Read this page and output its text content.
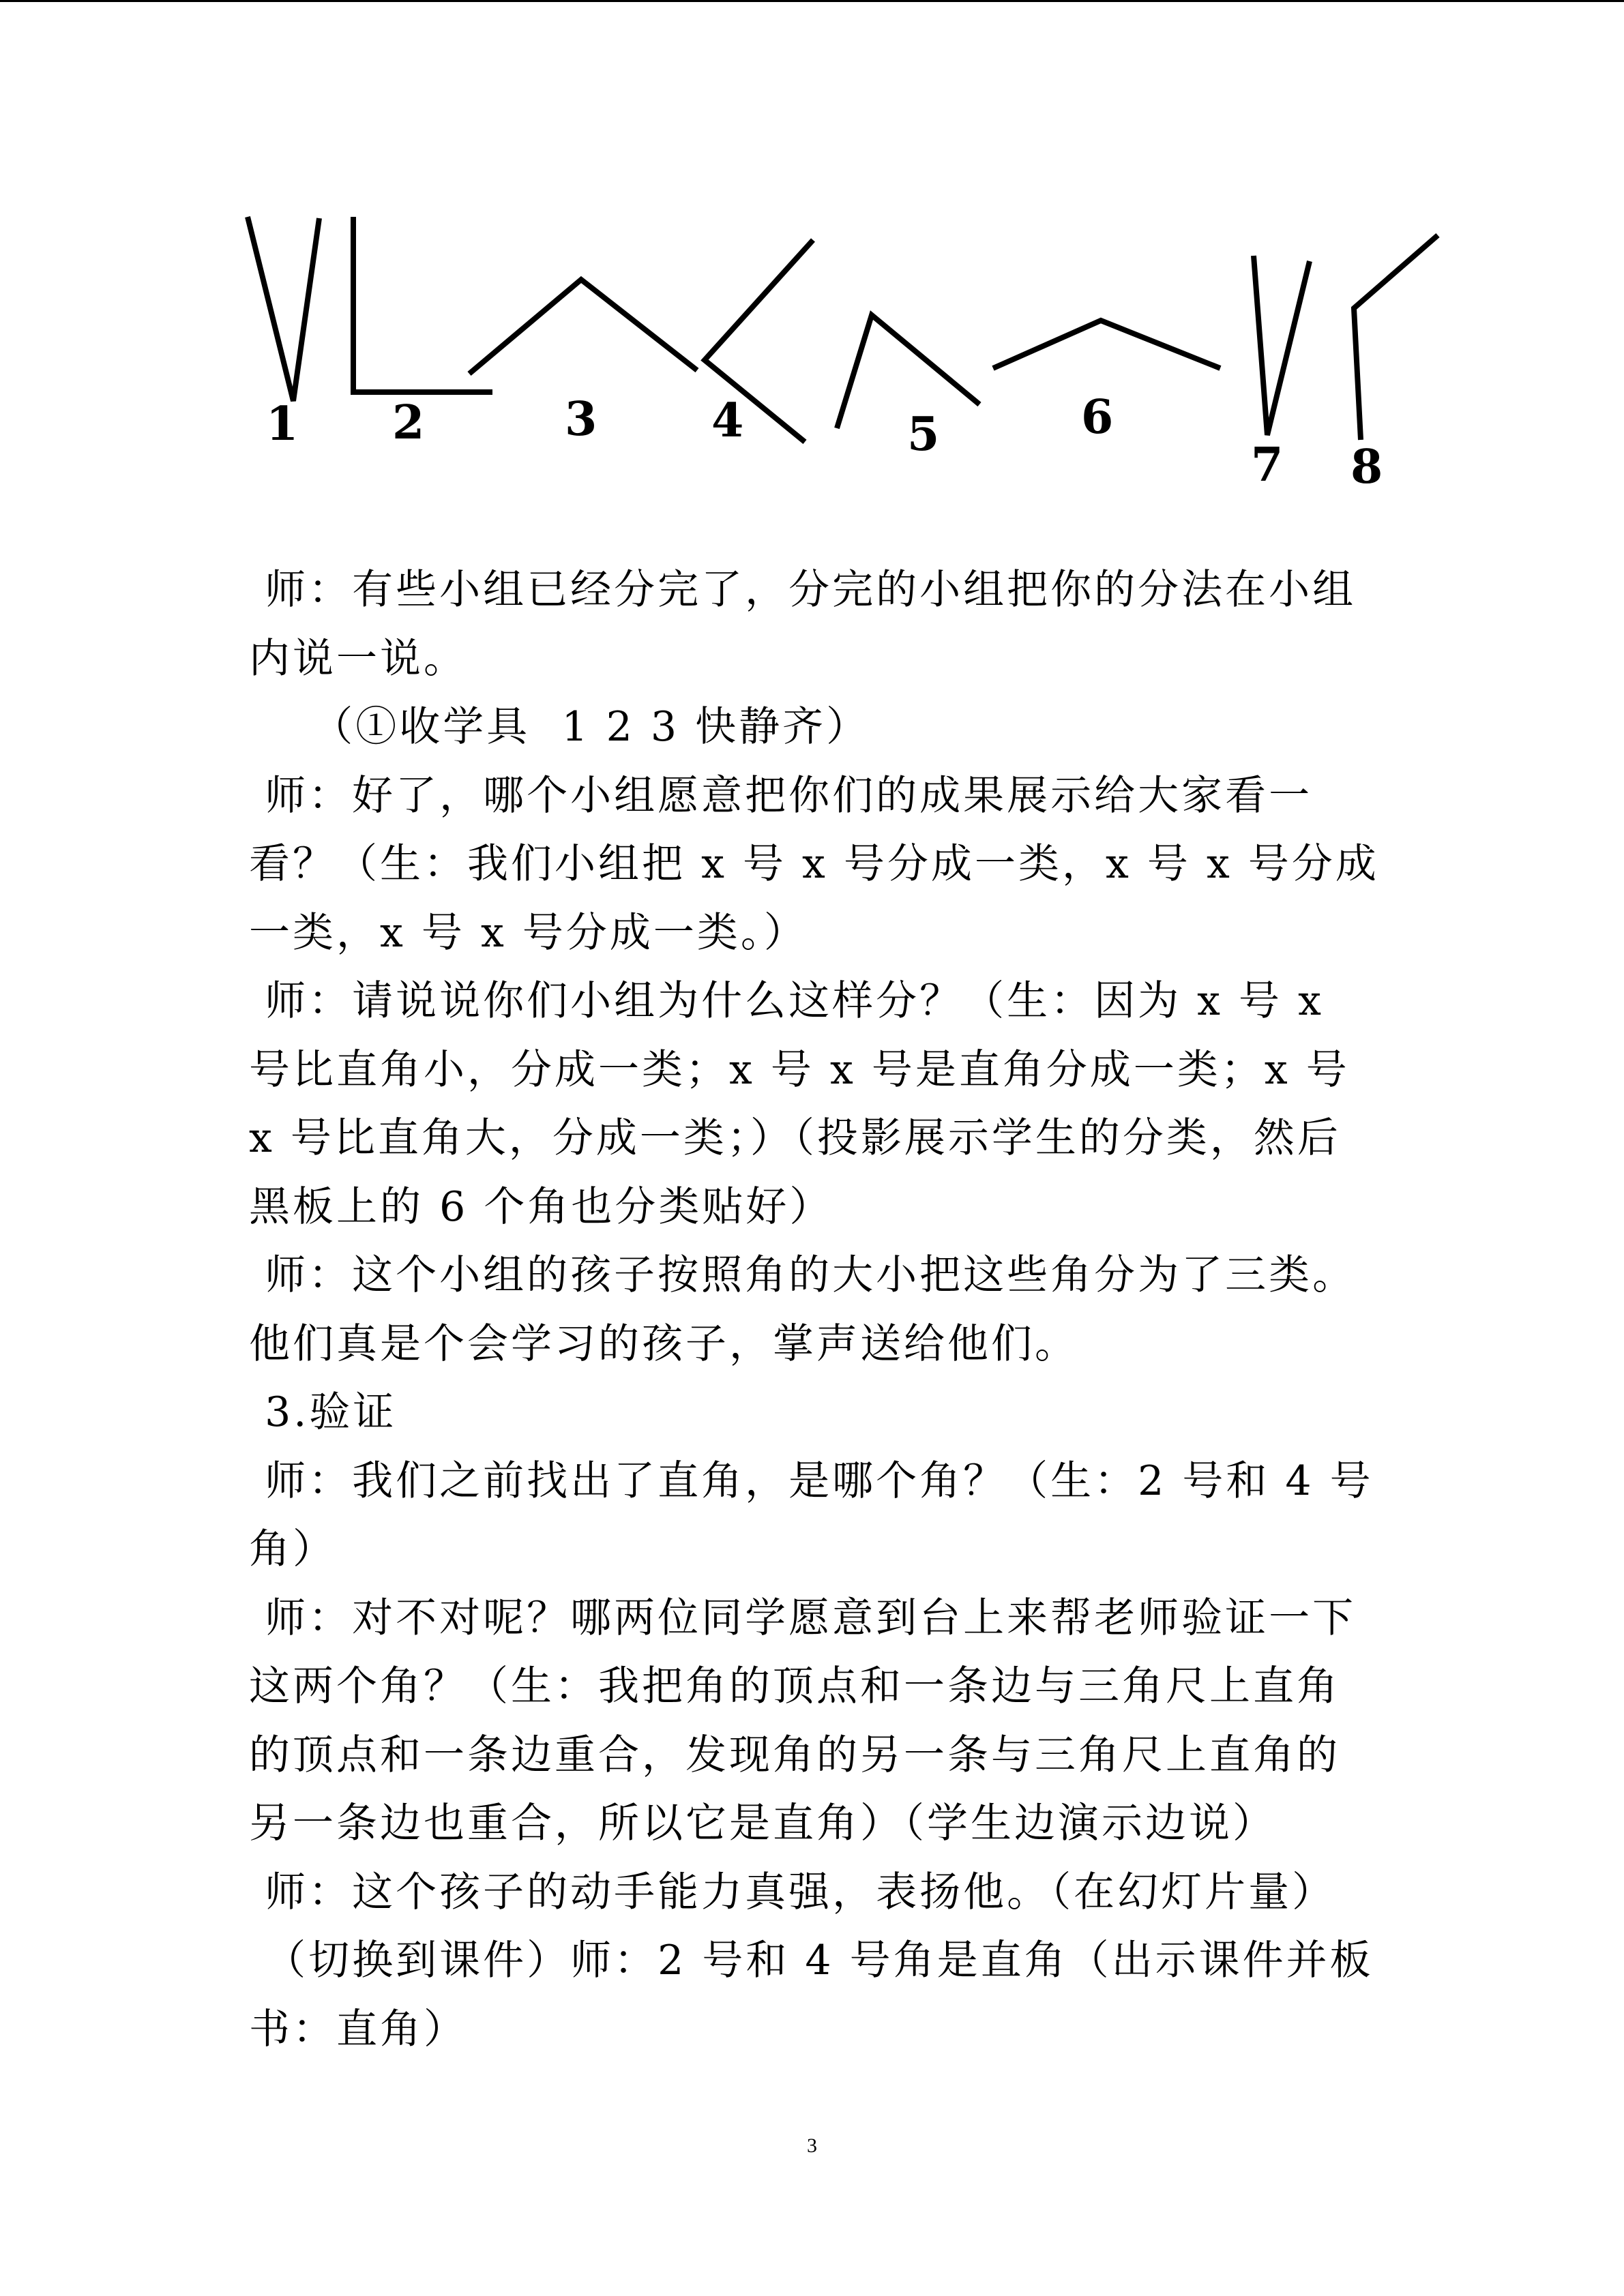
1 2	3 4	5	6
7 8

师：有些小组已经分完了，分完的小组把你的分法在小组内说一说。

（①收学具  1 2 3 快静齐）

师：好了，哪个小组愿意把你们的成果展示给大家看一看？（生：我们小组把 x 号 x 号分成一类，x 号 x 号分成一类，x 号 x 号分成一类。）

师：请说说你们小组为什么这样分？（生：因为 x 号 x 号比直角小，分成一类；x 号 x 号是直角分成一类；x 号 x 号比直角大，分成一类；）（投影展示学生的分类，然后黑板上的 6 个角也分类贴好）

师：这个小组的孩子按照角的大小把这些角分为了三类。他们真是个会学习的孩子，掌声送给他们。

3.验证

师：我们之前找出了直角，是哪个角？（生：2 号和 4 号角）

师：对不对呢？哪两位同学愿意到台上来帮老师验证一下这两个角？（生：我把角的顶点和一条边与三角尺上直角的顶点和一条边重合，发现角的另一条与三角尺上直角的另一条边也重合，所以它是直角）（学生边演示边说）

师：这个孩子的动手能力真强，表扬他。（在幻灯片量）

（切换到课件）师：2 号和 4 号角是直角（出示课件并板书：直角）

3
